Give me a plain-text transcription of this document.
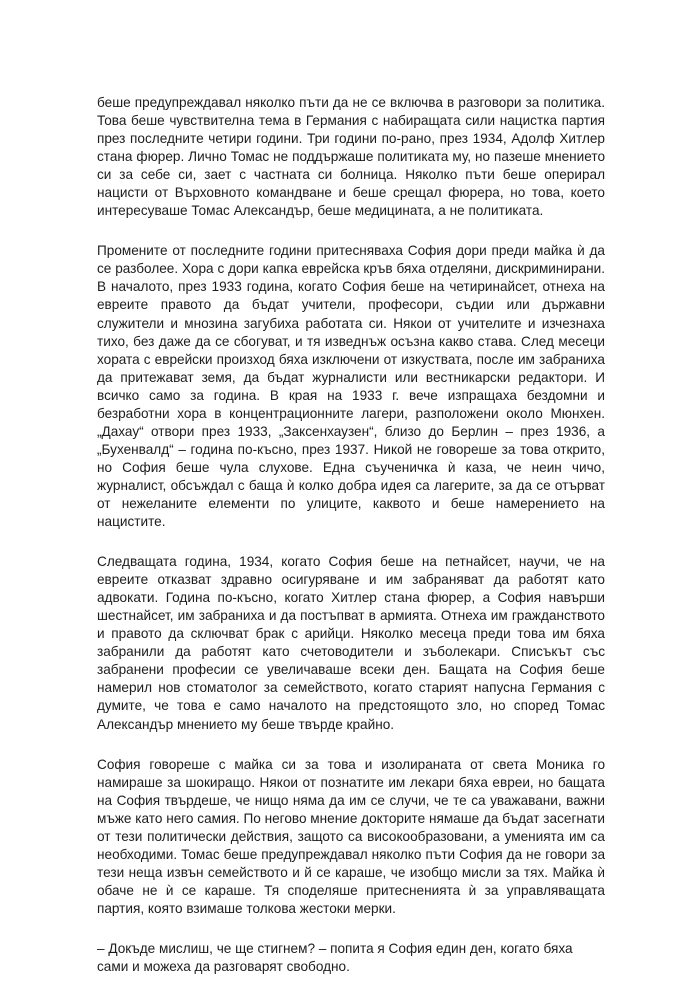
беше предупреждавал няколко пъти да не се включва в разговори за политика. Това беше чувствителна тема в Германия с набиращата сили нацистка партия през последните четири години. Три години по-рано, през 1934, Адолф Хитлер стана фюрер. Лично Томас не поддържаше политиката му, но пазеше мнението си за себе си, зает с частната си болница. Няколко пъти беше оперирал нацисти от Върховното командване и беше срещал фюрера, но това, което интересуваше Томас Александър, беше медицината, а не политиката.

Промените от последните години притесняваха София дори преди майка ѝ да се разболее. Хора с дори капка еврейска кръв бяха отделяни, дискриминирани. В началото, през 1933 година, когато София беше на четиринайсет, отнеха на евреите правото да бъдат учители, професори, съдии или държавни служители и мнозина загубиха работата си. Някои от учителите и изчезнаха тихо, без даже да се сбогуват, и тя изведнъж осъзна какво става. След месеци хората с еврейски произход бяха изключени от изкуствата, после им забраниха да притежават земя, да бъдат журналисти или вестникарски редактори. И всичко само за година. В края на 1933 г. вече изпращаха бездомни и безработни хора в концентрационните лагери, разположени около Мюнхен. „Дахау“ отвори през 1933, „Заксенхаузен“, близо до Берлин – през 1936, а „Бухенвалд“ – година по-късно, през 1937. Никой не говореше за това открито, но София беше чула слухове. Една съученичка ѝ каза, че неин чичо, журналист, обсъждал с баща ѝ колко добра идея са лагерите, за да се отърват от нежеланите елементи по улиците, каквото и беше намерението на нацистите.

Следващата година, 1934, когато София беше на петнайсет, научи, че на евреите отказват здравно осигуряване и им забраняват да работят като адвокати. Година по-късно, когато Хитлер стана фюрер, а София навърши шестнайсет, им забраниха и да постъпват в армията. Отнеха им гражданството и правото да сключват брак с арийци. Няколко месеца преди това им бяха забранили да работят като счетоводители и зъболекари. Списъкът със забранени професии се увеличаваше всеки ден. Бащата на София беше намерил нов стоматолог за семейството, когато старият напусна Германия с думите, че това е само началото на предстоящото зло, но според Томас Александър мнението му беше твърде крайно.

София говореше с майка си за това и изолираната от света Моника го намираше за шокиращо. Някои от познатите им лекари бяха евреи, но бащата на София твърдеше, че нищо няма да им се случи, че те са уважавани, важни мъже като него самия. По негово мнение докторите нямаше да бъдат засегнати от тези политически действия, защото са високообразовани, а уменията им са необходими. Томас беше предупреждавал няколко пъти София да не говори за тези неща извън семейството и й се караше, че изобщо мисли за тях. Майка ѝ обаче не ѝ се караше. Тя споделяше притесненията ѝ за управляващата партия, която взимаше толкова жестоки мерки.

– Докъде мислиш, че ще стигнем? – попита я София един ден, когато бяха сами и можеха да разговарят свободно.
